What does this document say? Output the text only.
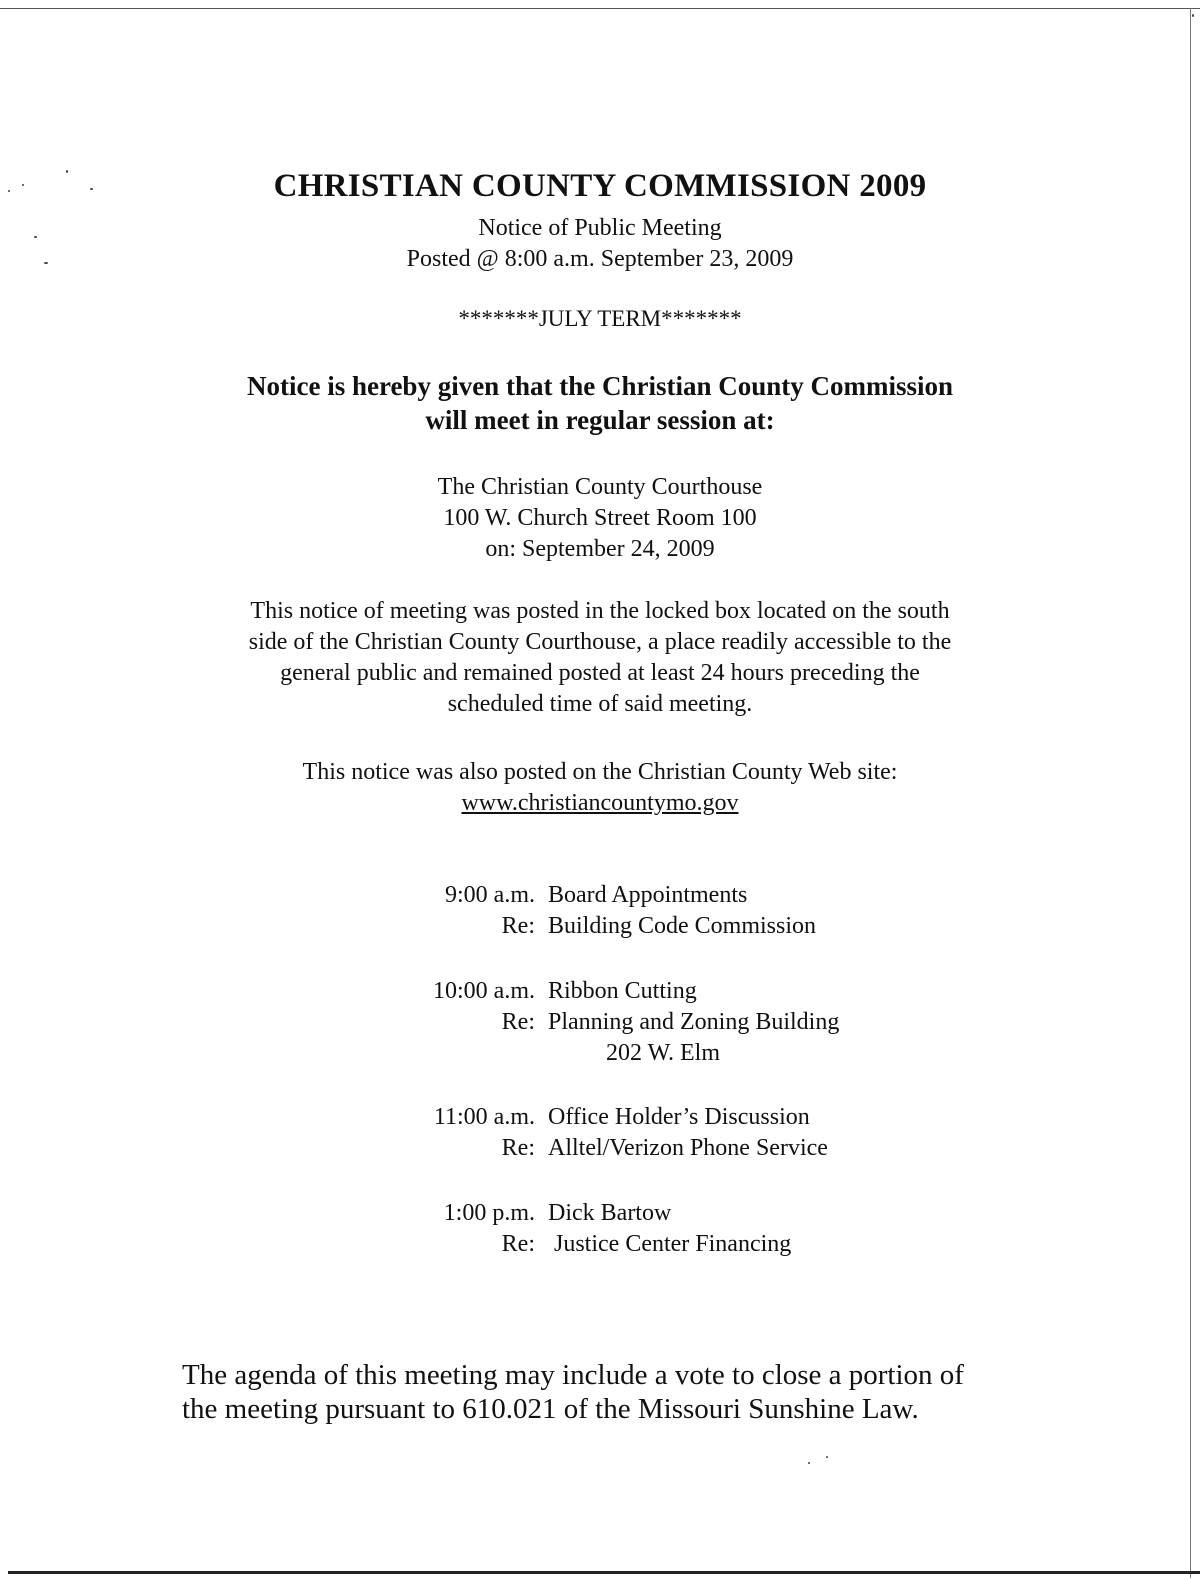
CHRISTIAN COUNTY COMMISSION 2009
Notice of Public Meeting
Posted @ 8:00 a.m. September 23, 2009
*******JULY TERM*******
Notice is hereby given that the Christian County Commission
will meet in regular session at:
The Christian County Courthouse
100 W. Church Street Room 100
on: September 24, 2009
This notice of meeting was posted in the locked box located on the south
side of the Christian County Courthouse, a place readily accessible to the
general public and remained posted at least 24 hours preceding the
scheduled time of said meeting.
This notice was also posted on the Christian County Web site:
www.christiancountymo.gov
9:00 a.m. Board Appointments
Re: Building Code Commission
10:00 a.m. Ribbon Cutting
Re: Planning and Zoning Building
202 W. Elm
11:00 a.m. Office Holder’s Discussion
Re: Alltel/Verizon Phone Service
1:00 p.m. Dick Bartow
Re: Justice Center Financing
The agenda of this meeting may include a vote to close a portion of
the meeting pursuant to 610.021 of the Missouri Sunshine Law.
